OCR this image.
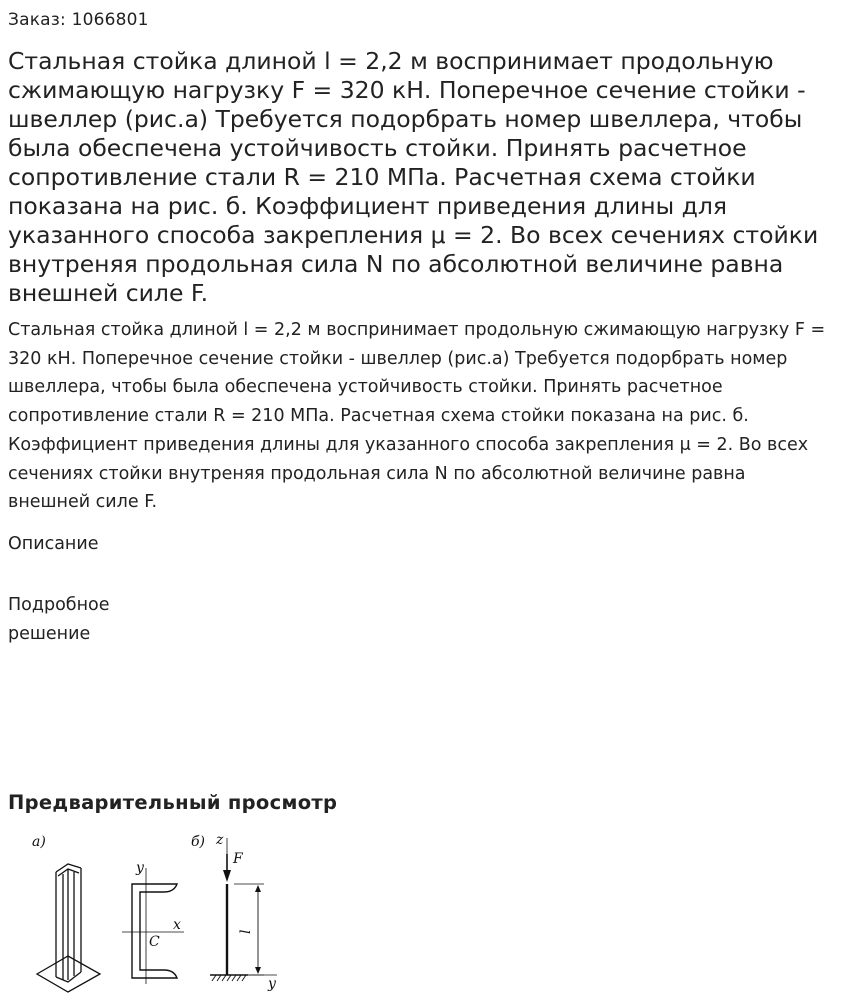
Заказ: 1066801

Стальная стойка длиной l = 2,2 м воспринимает продольную сжимающую нагрузку F = 320 кН. Поперечное сечение стойки - швеллер (рис.а) Требуется подорбрать номер швеллера, чтобы была обеспечена устойчивость стойки. Принять расчетное сопротивление стали R = 210 МПа. Расчетная схема стойки показана на рис. б. Коэффициент приведения длины для указанного способа закрепления μ = 2. Во всех сечениях стойки внутреняя продольная сила N по абсолютной величине равна внешней силе F.

Стальная стойка длиной l = 2,2 м воспринимает продольную сжимающую нагрузку F = 320 кН. Поперечное сечение стойки - швеллер (рис.а) Требуется подорбрать номер швеллера, чтобы была обеспечена устойчивость стойки. Принять расчетное сопротивление стали R = 210 МПа. Расчетная схема стойки показана на рис. б. Коэффициент приведения длины для указанного способа закрепления μ = 2. Во всех сечениях стойки внутреняя продольная сила N по абсолютной величине равна внешней силе F.

Описание
Подробное
решение
Предварительный просмотр
а)
y
x
C
б) z
F
l
y
